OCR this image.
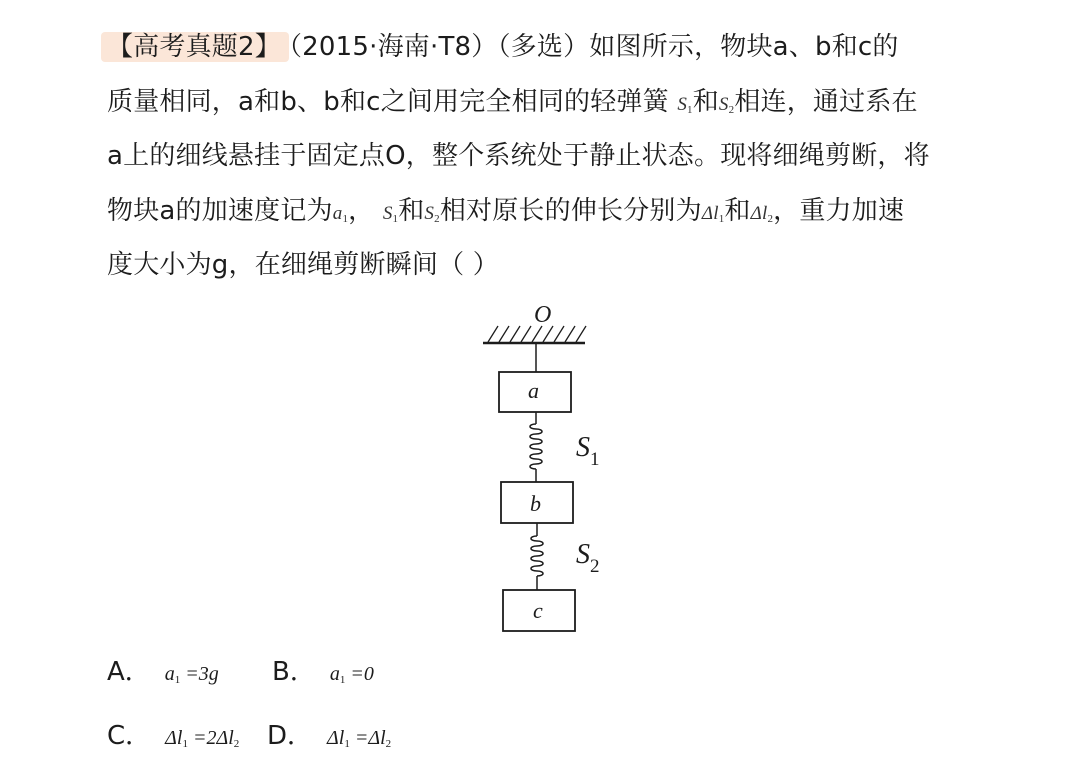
【高考真题2】 （2015·海南·T8）（多选）如图所示，物块a、b和c的
质量相同，a和b、b和c之间用完全相同的轻弹簧 $S_1$和$S_2$相连，通过系在
a上的细线悬挂于固定点O，整个系统处于静止状态。现将细绳剪断，将
物块a的加速度记为$a_1$， $S_1$和$S_2$相对原长的伸长分别为$\Delta l_1$和$\Delta l_2$，重力加速
度大小为g，在细绳剪断瞬间（ ）
O
a
$S_1$
b
$S_2$
c
A． $a_1 =3g$ B． $a_1 =0$
C． $\Delta l_1 =2\Delta l_2$ D． $\Delta l_1 =\Delta l_2$
